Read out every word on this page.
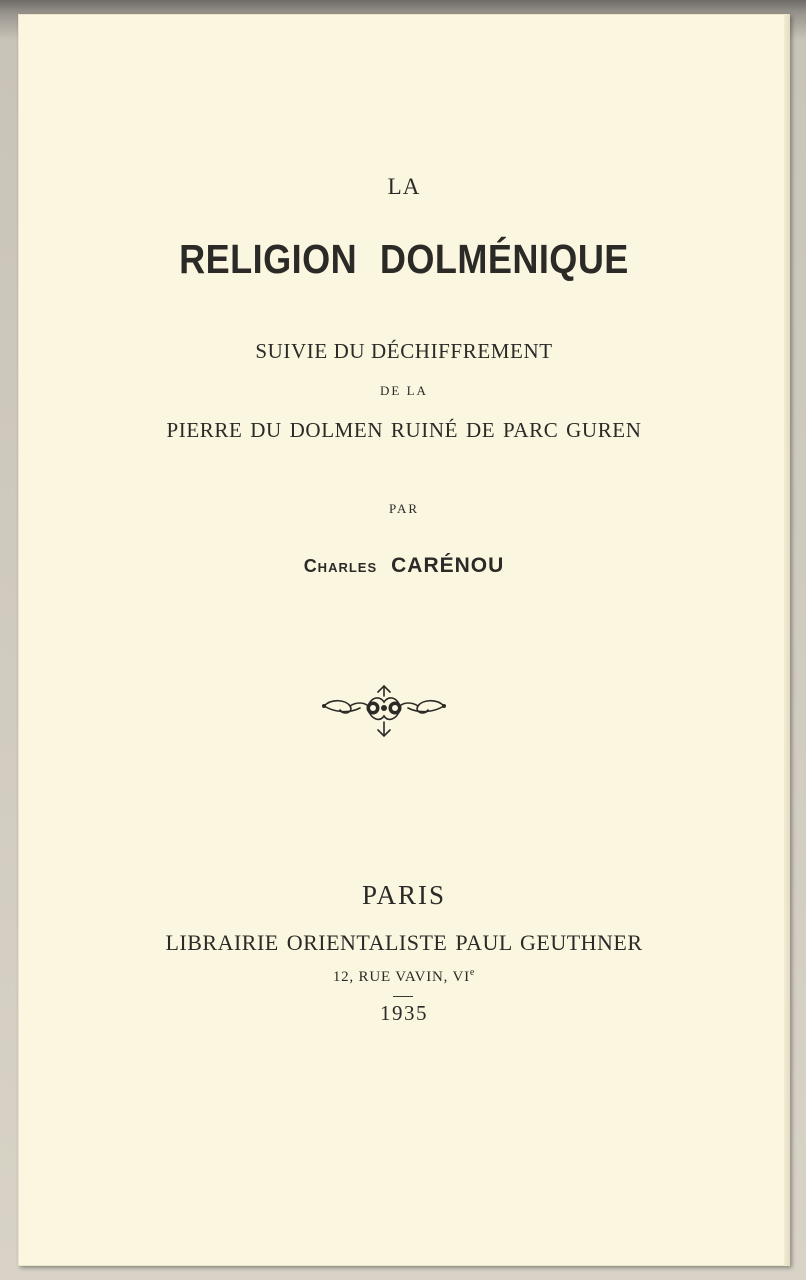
LA
RELIGION DOLMÉNIQUE
SUIVIE DU DÉCHIFFREMENT
DE LA
PIERRE DU DOLMEN RUINÉ DE PARC GUREN
PAR
Charles CARÉNOU
PARIS
LIBRAIRIE ORIENTALISTE PAUL GEUTHNER
12, RUE VAVIN, VIe
1935
